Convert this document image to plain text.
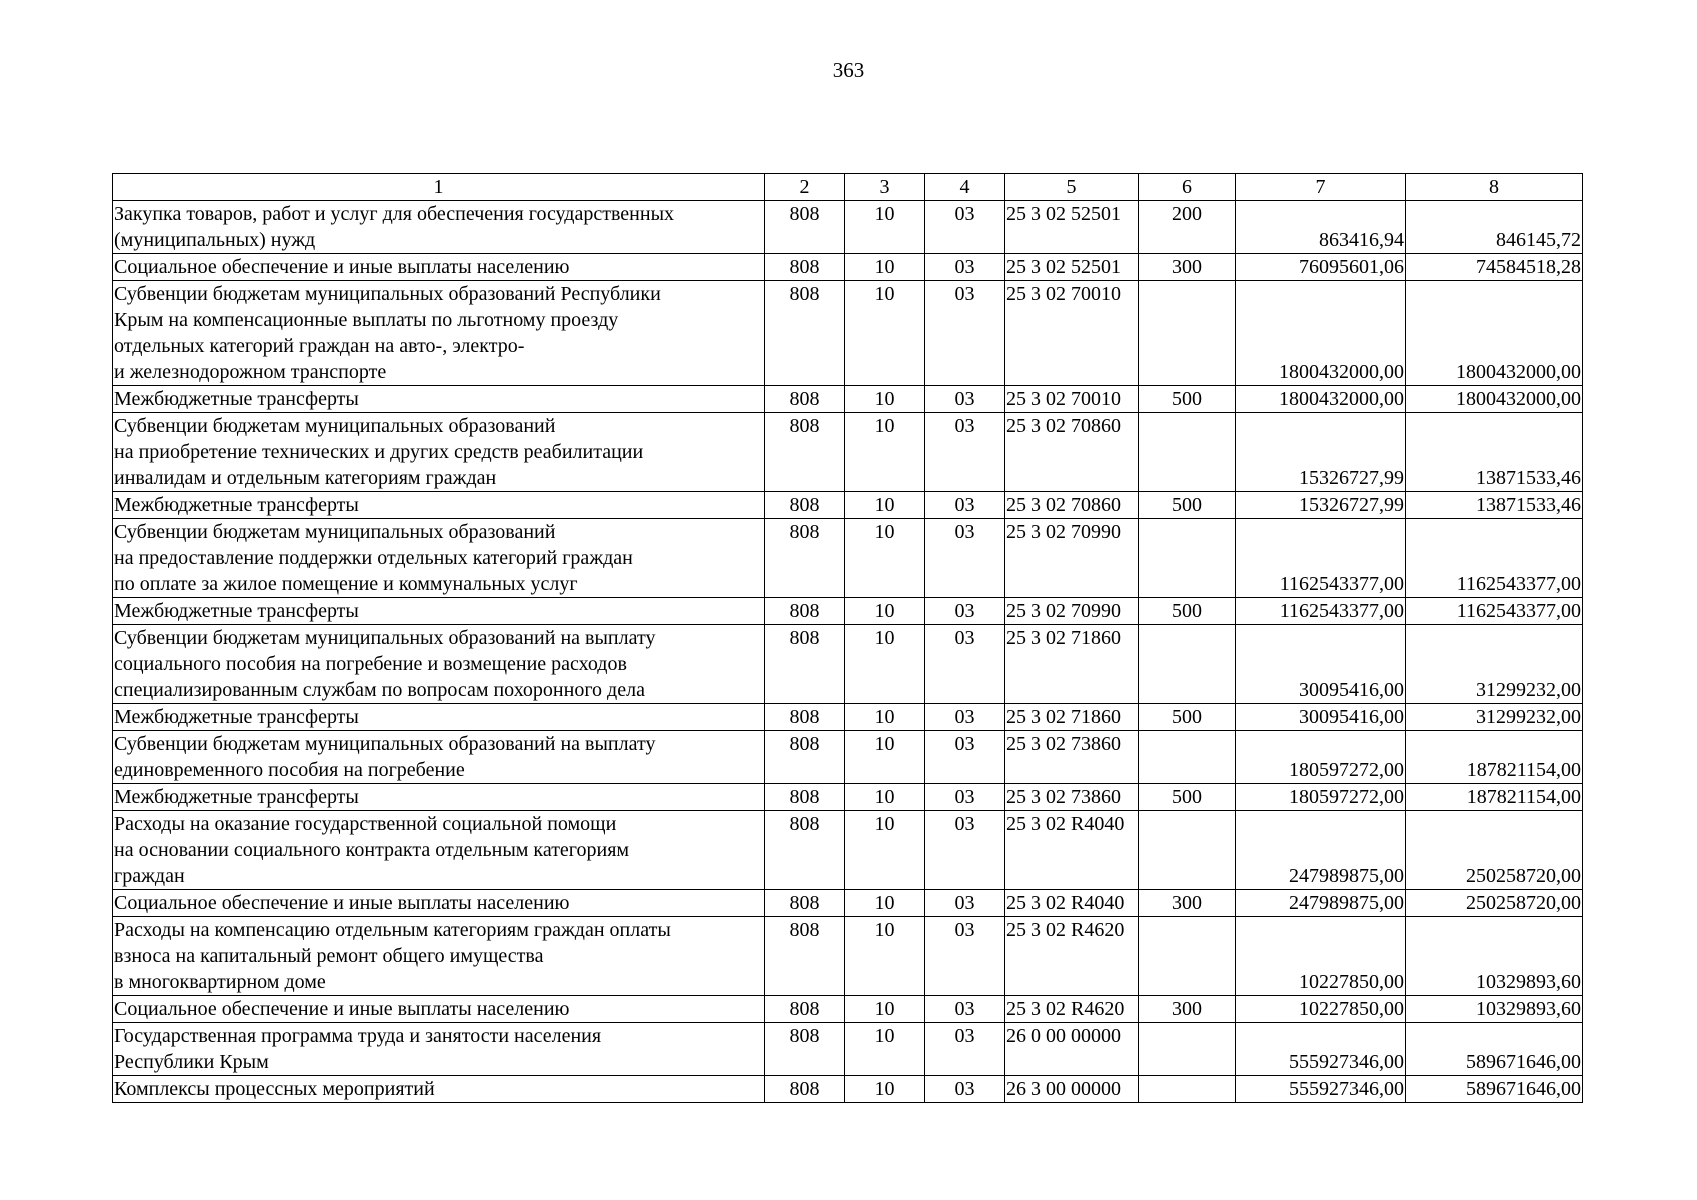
363
1	2	3	4	5	6	7	8

Закупка товаров, работ и услуг для обеспечения государственных
(муниципальных) нужд	808	10	03	25 3 02 52501	200	863416,94	846145,72

Социальное обеспечение и иные выплаты населению	808	10	03	25 3 02 52501	300	76095601,06	74584518,28

Субвенции бюджетам муниципальных образований Республики
Крым на компенсационные выплаты по льготному проезду
отдельных категорий граждан на авто-, электро-
и железнодорожном транспорте	808	10	03	25 3 02 70010		1800432000,00	1800432000,00

Межбюджетные трансферты	808	10	03	25 3 02 70010	500	1800432000,00	1800432000,00

Субвенции бюджетам муниципальных образований
на приобретение технических и других средств реабилитации
инвалидам и отдельным категориям граждан	808	10	03	25 3 02 70860		15326727,99	13871533,46

Межбюджетные трансферты	808	10	03	25 3 02 70860	500	15326727,99	13871533,46

Субвенции бюджетам муниципальных образований
на предоставление поддержки отдельных категорий граждан
по оплате за жилое помещение и коммунальных услуг	808	10	03	25 3 02 70990		1162543377,00	1162543377,00

Межбюджетные трансферты	808	10	03	25 3 02 70990	500	1162543377,00	1162543377,00

Субвенции бюджетам муниципальных образований на выплату
социального пособия на погребение и возмещение расходов
специализированным службам по вопросам похоронного дела	808	10	03	25 3 02 71860		30095416,00	31299232,00

Межбюджетные трансферты	808	10	03	25 3 02 71860	500	30095416,00	31299232,00

Субвенции бюджетам муниципальных образований на выплату
единовременного пособия на погребение	808	10	03	25 3 02 73860		180597272,00	187821154,00

Межбюджетные трансферты	808	10	03	25 3 02 73860	500	180597272,00	187821154,00

Расходы на оказание государственной социальной помощи
на основании социального контракта отдельным категориям
граждан	808	10	03	25 3 02 R4040		247989875,00	250258720,00

Социальное обеспечение и иные выплаты населению	808	10	03	25 3 02 R4040	300	247989875,00	250258720,00

Расходы на компенсацию отдельным категориям граждан оплаты
взноса на капитальный ремонт общего имущества
в многоквартирном доме	808	10	03	25 3 02 R4620		10227850,00	10329893,60

Социальное обеспечение и иные выплаты населению	808	10	03	25 3 02 R4620	300	10227850,00	10329893,60

Государственная программа труда и занятости населения
Республики Крым	808	10	03	26 0 00 00000		555927346,00	589671646,00

Комплексы процессных мероприятий	808	10	03	26 3 00 00000		555927346,00	589671646,00
